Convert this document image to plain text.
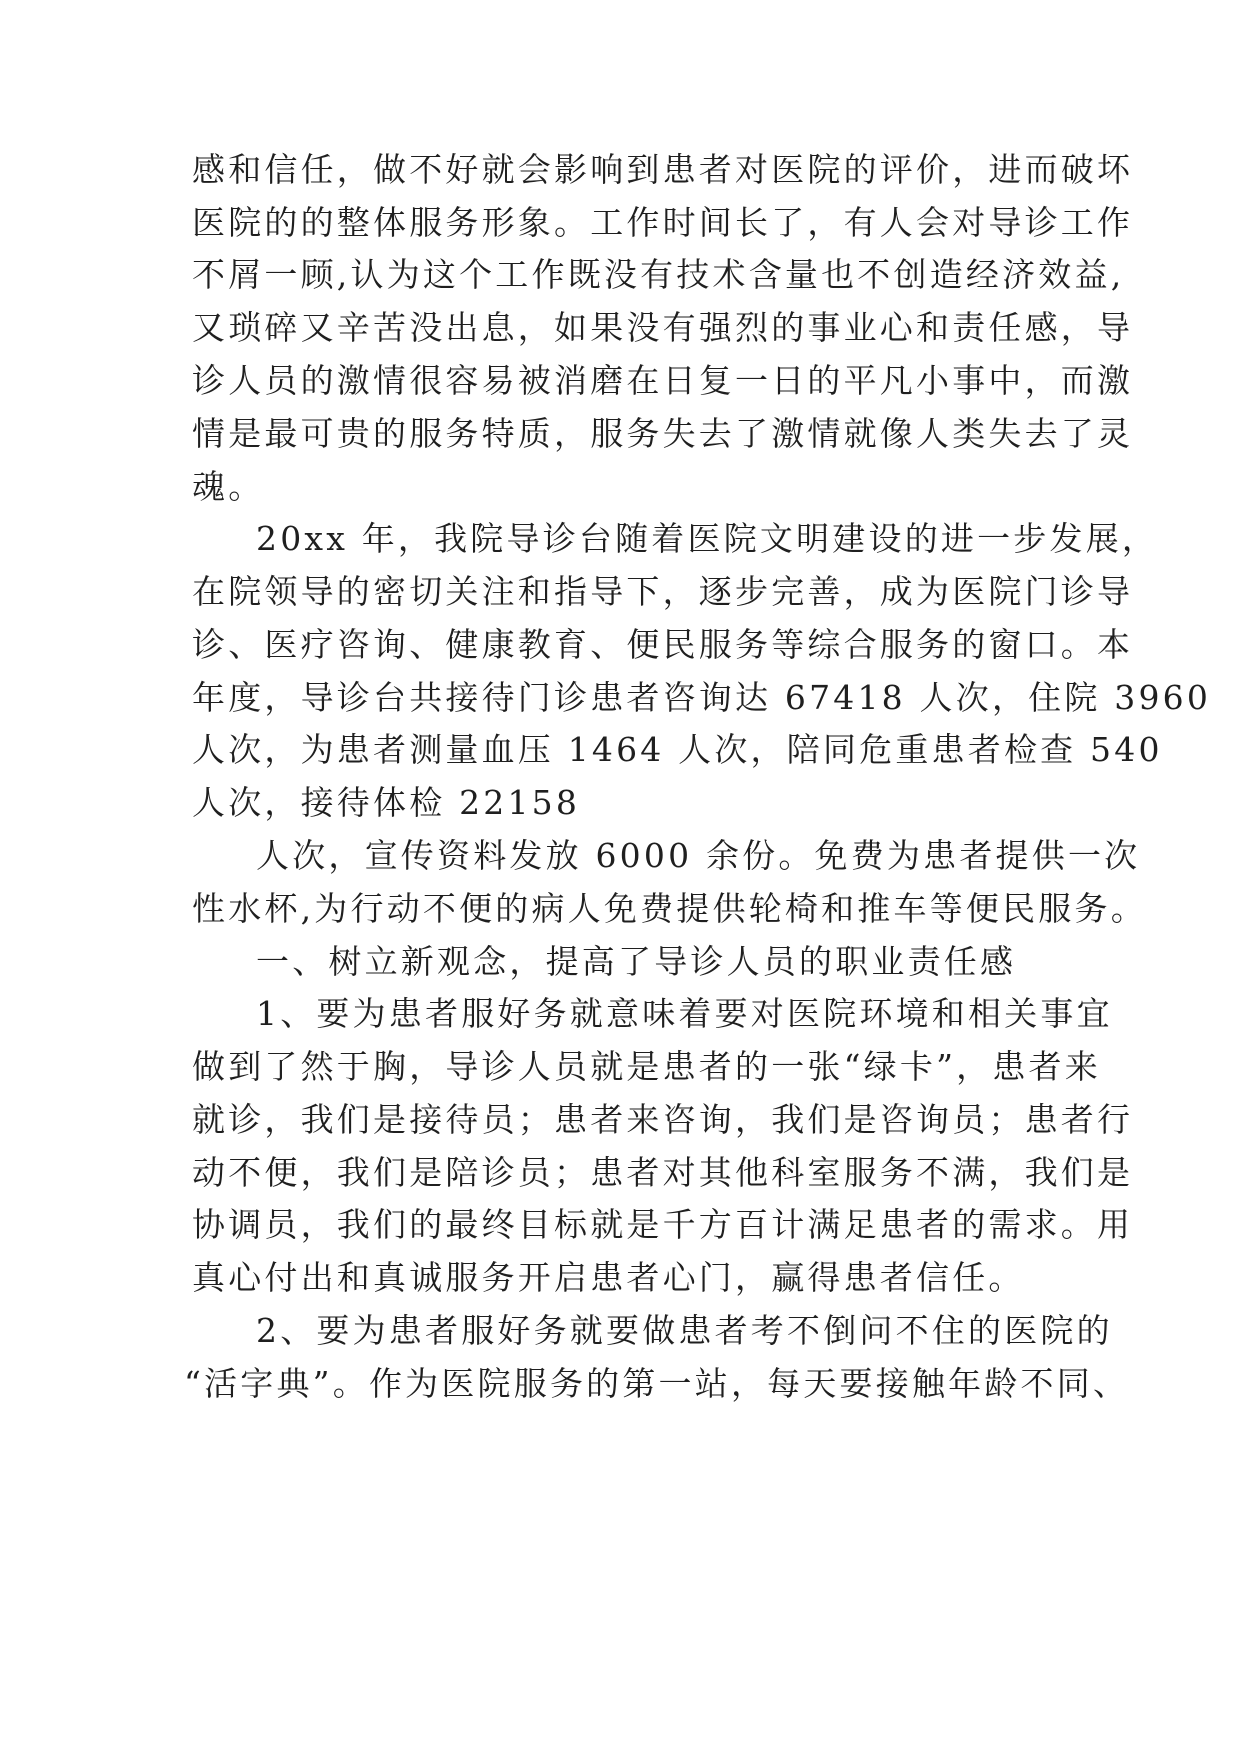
感和信任，做不好就会影响到患者对医院的评价，进而破坏
医院的的整体服务形象。工作时间长了，有人会对导诊工作
不屑一顾,认为这个工作既没有技术含量也不创造经济效益,
又琐碎又辛苦没出息，如果没有强烈的事业心和责任感，导
诊人员的激情很容易被消磨在日复一日的平凡小事中，而激
情是最可贵的服务特质，服务失去了激情就像人类失去了灵
魂。
20xx 年，我院导诊台随着医院文明建设的进一步发展，
在院领导的密切关注和指导下，逐步完善，成为医院门诊导
诊、医疗咨询、健康教育、便民服务等综合服务的窗口。本
年度，导诊台共接待门诊患者咨询达 67418 人次，住院 3960
人次，为患者测量血压 1464 人次，陪同危重患者检查 540
人次，接待体检 22158
人次，宣传资料发放 6000 余份。免费为患者提供一次
性水杯,为行动不便的病人免费提供轮椅和推车等便民服务。
一、树立新观念，提高了导诊人员的职业责任感
1、要为患者服好务就意味着要对医院环境和相关事宜
做到了然于胸，导诊人员就是患者的一张“绿卡”，患者来
就诊，我们是接待员；患者来咨询，我们是咨询员；患者行
动不便，我们是陪诊员；患者对其他科室服务不满，我们是
协调员，我们的最终目标就是千方百计满足患者的需求。用
真心付出和真诚服务开启患者心门，赢得患者信任。
2、要为患者服好务就要做患者考不倒问不住的医院的
“活字典”。作为医院服务的第一站，每天要接触年龄不同、
